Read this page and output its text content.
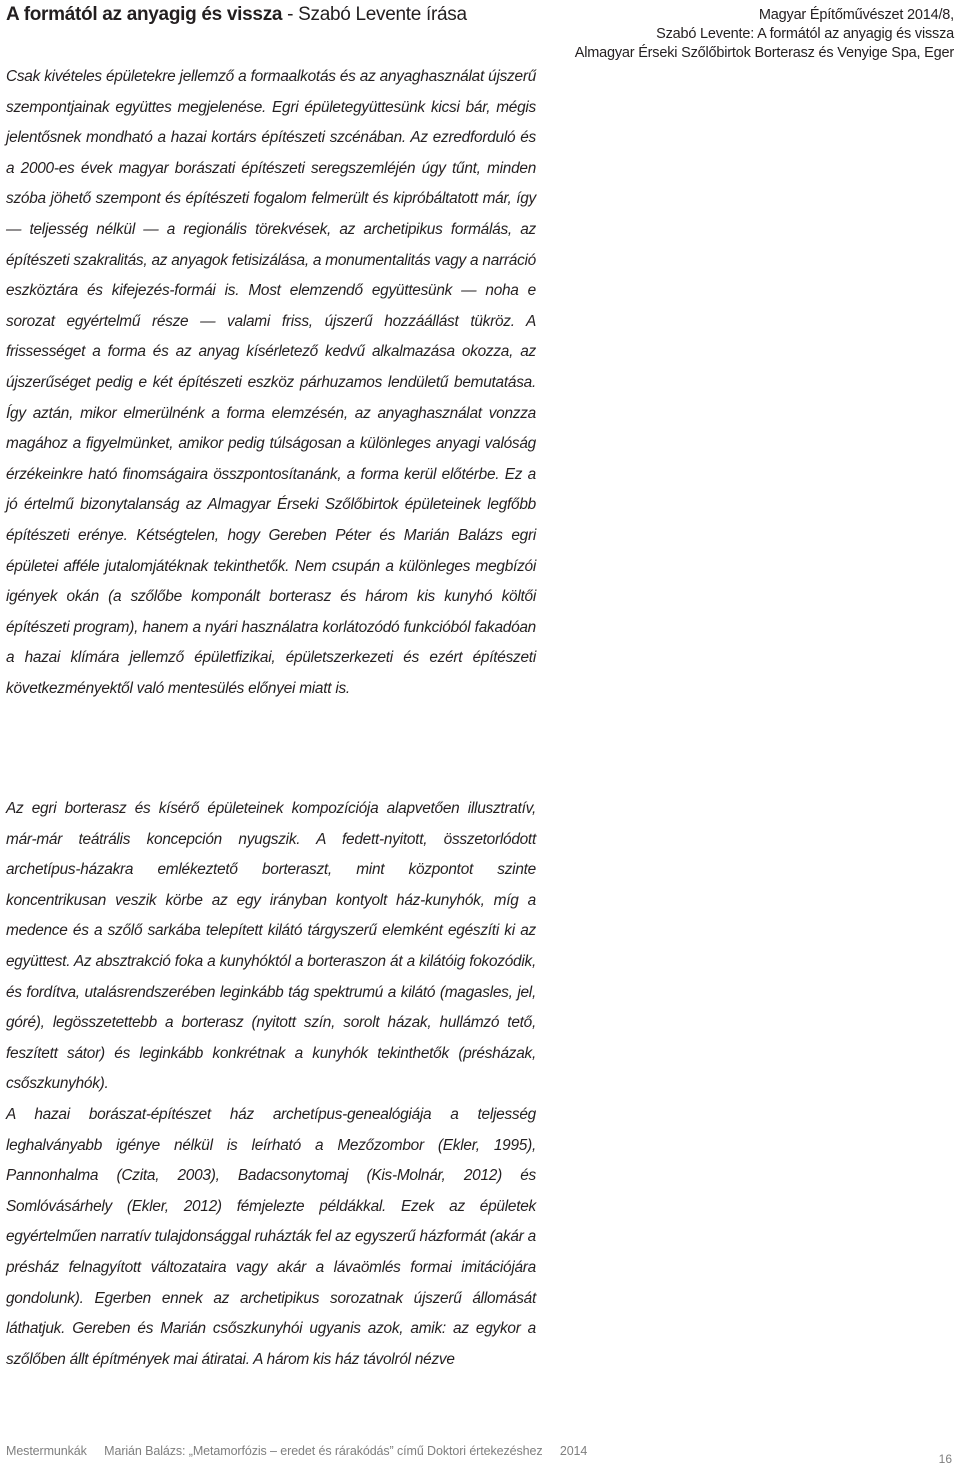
A formától az anyagig és vissza - Szabó Levente írása	Magyar Építőművészet 2014/8,
Szabó Levente: A formától az anyagig és vissza
Almagyar Érseki Szőlőbirtok Borterasz és Venyige Spa, Eger

Csak kivételes épületekre jellemző a formaalkotás és az anyaghasználat újszerű szempontjainak együttes megjelenése. Egri épületegyüttesünk kicsi bár, mégis jelentősnek mondható a hazai kortárs építészeti szcénában. Az ezredforduló és a 2000-es évek magyar borászati építészeti seregszemléjén úgy tűnt, minden szóba jöhető szempont és építészeti fogalom felmerült és kipróbáltatott már, így — teljesség nélkül — a regionális törekvések, az archetipikus formálás, az építészeti szakralitás, az anyagok fetisizálása, a monumentalitás vagy a narráció eszköztára és kifejezés-formái is. Most elemzendő együttesünk — noha e sorozat egyértelmű része — valami friss, újszerű hozzáállást tükröz. A frissességet a forma és az anyag kísérletező kedvű alkalmazása okozza, az újszerűséget pedig e két építészeti eszköz párhuzamos lendületű bemutatása. Így aztán, mikor elmerülnénk a forma elemzésén, az anyaghasználat vonzza magához a figyelmünket, amikor pedig túlságosan a különleges anyagi valóság érzékeinkre ható finomságaira összpontosítanánk, a forma kerül előtérbe. Ez a jó értelmű bizonytalanság az Almagyar Érseki Szőlőbirtok épületeinek legfőbb építészeti erénye. Kétségtelen, hogy Gereben Péter és Marián Balázs egri épületei afféle jutalomjátéknak tekinthetők. Nem csupán a különleges megbízói igények okán (a szőlőbe komponált borterasz és három kis kunyhó költői építészeti program), hanem a nyári használatra korlátozódó funkcióból fakadóan a hazai klímára jellemző épületfizikai, épületszerkezeti és ezért építészeti következményektől való mentesülés előnyei miatt is.

Az egri borterasz és kísérő épületeinek kompozíciója alapvetően illusztratív, már-már teátrális koncepción nyugszik. A fedett-nyitott, összetorlódott archetípus-házakra emlékeztető borteraszt, mint központot szinte koncentrikusan veszik körbe az egy irányban kontyolt ház-kunyhók, míg a medence és a szőlő sarkába telepített kilátó tárgyszerű elemként egészíti ki az együttest. Az absztrakció foka a kunyhóktól a borteraszon át a kilátóig fokozódik, és fordítva, utalásrendszerében leginkább tág spektrumú a kilátó (magasles, jel, góré), legösszetettebb a borterasz (nyitott szín, sorolt házak, hullámzó tető, feszített sátor) és leginkább konkrétnak a kunyhók tekinthetők (présházak, csőszkunyhók).

A hazai borászat-építészet ház archetípus-genealógiája a teljesség leghalványabb igénye nélkül is leírható a Mezőzombor (Ekler, 1995), Pannonhalma (Czita, 2003), Badacsonytomaj (Kis-Molnár, 2012) és Somlóvásárhely (Ekler, 2012) fémjelezte példákkal. Ezek az épületek egyértelműen narratív tulajdonsággal ruházták fel az egyszerű házformát (akár a présház felnagyított változataira vagy akár a lávaömlés formai imitációjára gondolunk). Egerben ennek az archetipikus sorozatnak újszerű állomását láthatjuk. Gereben és Marián csőszkunyhói ugyanis azok, amik: az egykor a szőlőben állt építmények mai átiratai. A három kis ház távolról nézve

Mestermunkák Marián Balázs: „Metamorfózis – eredet és rárakódás” című Doktori értekezéshez 2014
16
